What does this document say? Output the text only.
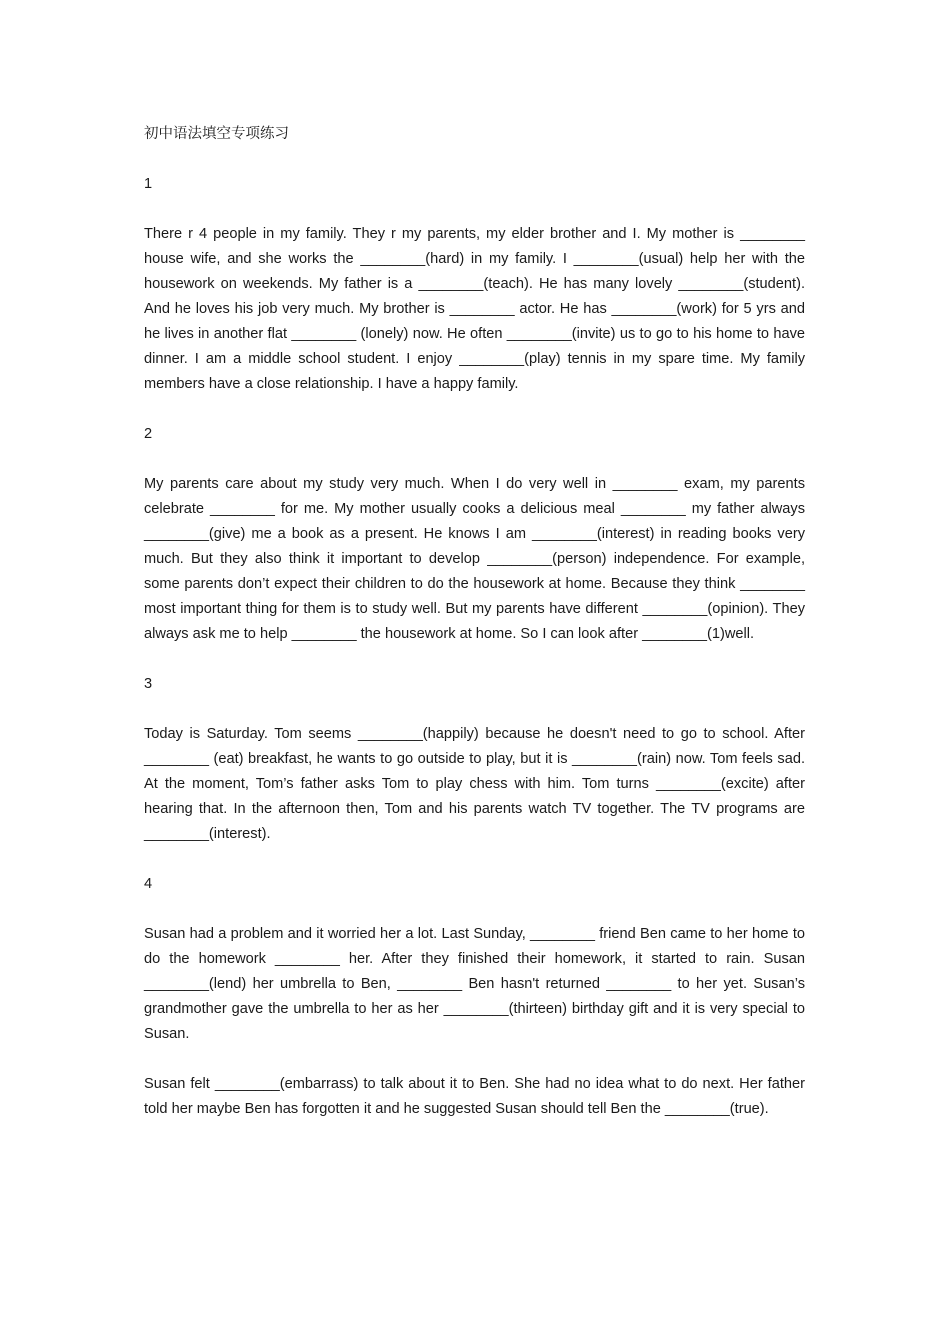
初中语法填空专项练习

1

There r 4 people in my family. They r my parents, my elder brother and I. My mother is ________ house wife, and she works the ________(hard) in my family. I ________(usual) help her with the housework on weekends. My father is a ________(teach). He has many lovely ________(student). And he loves his job very much. My brother is ________ actor. He has ________(work) for 5 yrs and he lives in another flat ________ (lonely) now. He often ________(invite) us to go to his home to have dinner. I am a middle school student. I enjoy ________(play) tennis in my spare time. My family members have a close relationship. I have a happy family.

2

My parents care about my study very much. When I do very well in ________ exam, my parents celebrate ________ for me. My mother usually cooks a delicious meal ________ my father always ________(give) me a book as a present. He knows I am ________(interest) in reading books very much. But they also think it important to develop ________(person) independence. For example, some parents don’t expect their children to do the housework at home. Because they think ________ most important thing for them is to study well. But my parents have different ________(opinion). They always ask me to help ________ the housework at home. So I can look after ________(1)well.

3

Today is Saturday. Tom seems ________(happily) because he doesn't need to go to school. After ________ (eat) breakfast, he wants to go outside to play, but it is ________(rain) now. Tom feels sad. At the moment, Tom’s father asks Tom to play chess with him. Tom turns ________(excite) after hearing that. In the afternoon then, Tom and his parents watch TV together. The TV programs are ________(interest).

4

Susan had a problem and it worried her a lot. Last Sunday, ________ friend Ben came to her home to do the homework ________ her. After they finished their homework, it started to rain. Susan ________(lend) her umbrella to Ben, ________ Ben hasn't returned ________ to her yet. Susan’s grandmother gave the umbrella to her as her ________(thirteen) birthday gift and it is very special to Susan.

Susan felt ________(embarrass) to talk about it to Ben. She had no idea what to do next. Her father told her maybe Ben has forgotten it and he suggested Susan should tell Ben the ________(true).
